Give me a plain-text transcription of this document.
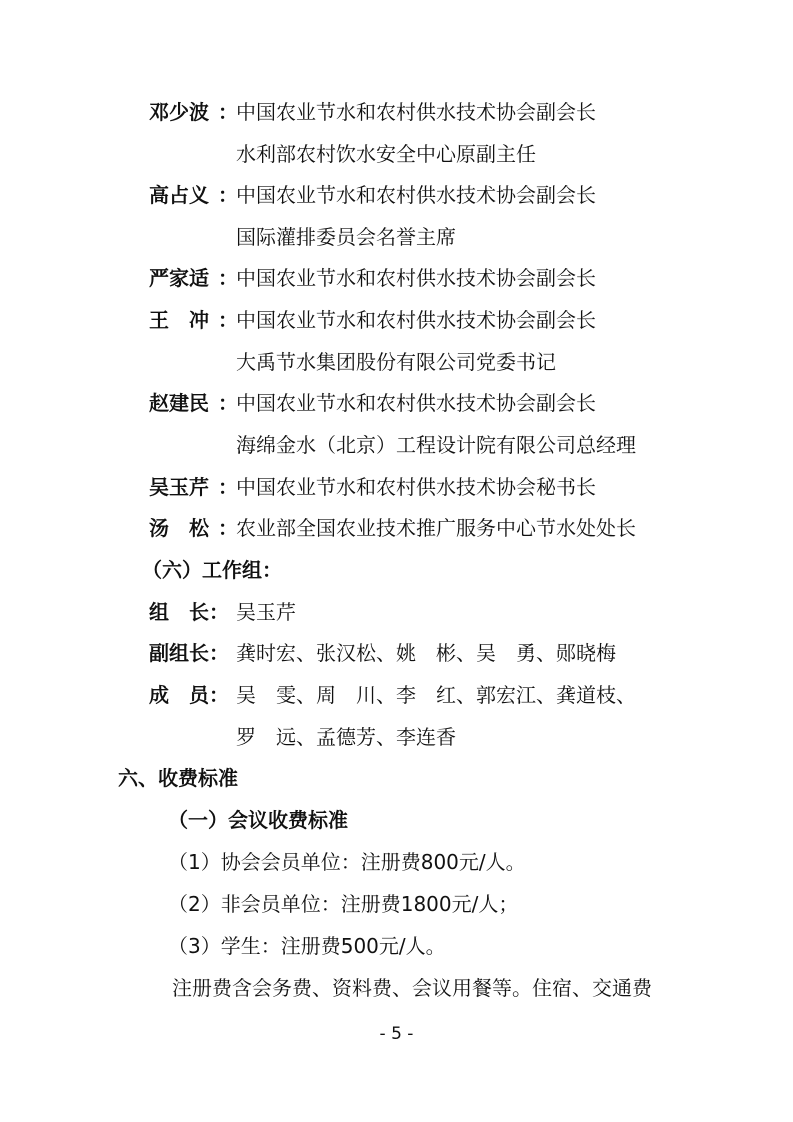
邓少波 ：
中国农业节水和农村供水技术协会副会长
水利部农村饮水安全中心原副主任
高占义 ：
中国农业节水和农村供水技术协会副会长
国际灌排委员会名誉主席
严家适 ：
中国农业节水和农村供水技术协会副会长
王　冲 ：
中国农业节水和农村供水技术协会副会长
大禹节水集团股份有限公司党委书记
赵建民 ：
中国农业节水和农村供水技术协会副会长
海绵金水（北京）工程设计院有限公司总经理
吴玉芹 ：
中国农业节水和农村供水技术协会秘书长
汤　松 ：
农业部全国农业技术推广服务中心节水处处长
（六）工作组：
组　长： 吴玉芹
副组长： 龚时宏、张汉松、姚　彬、吴　勇、郧晓梅
成　员： 吴　雯、周　川、李　红、郭宏江、龚道枝、
罗　远、孟德芳、李连香
六、收费标准
（一）会议收费标准
（1）协会会员单位：注册费800元/人。
（2）非会员单位：注册费1800元/人；
（3）学生：注册费500元/人。
注册费含会务费、资料费、会议用餐等。住宿、交通费
- 5 -
